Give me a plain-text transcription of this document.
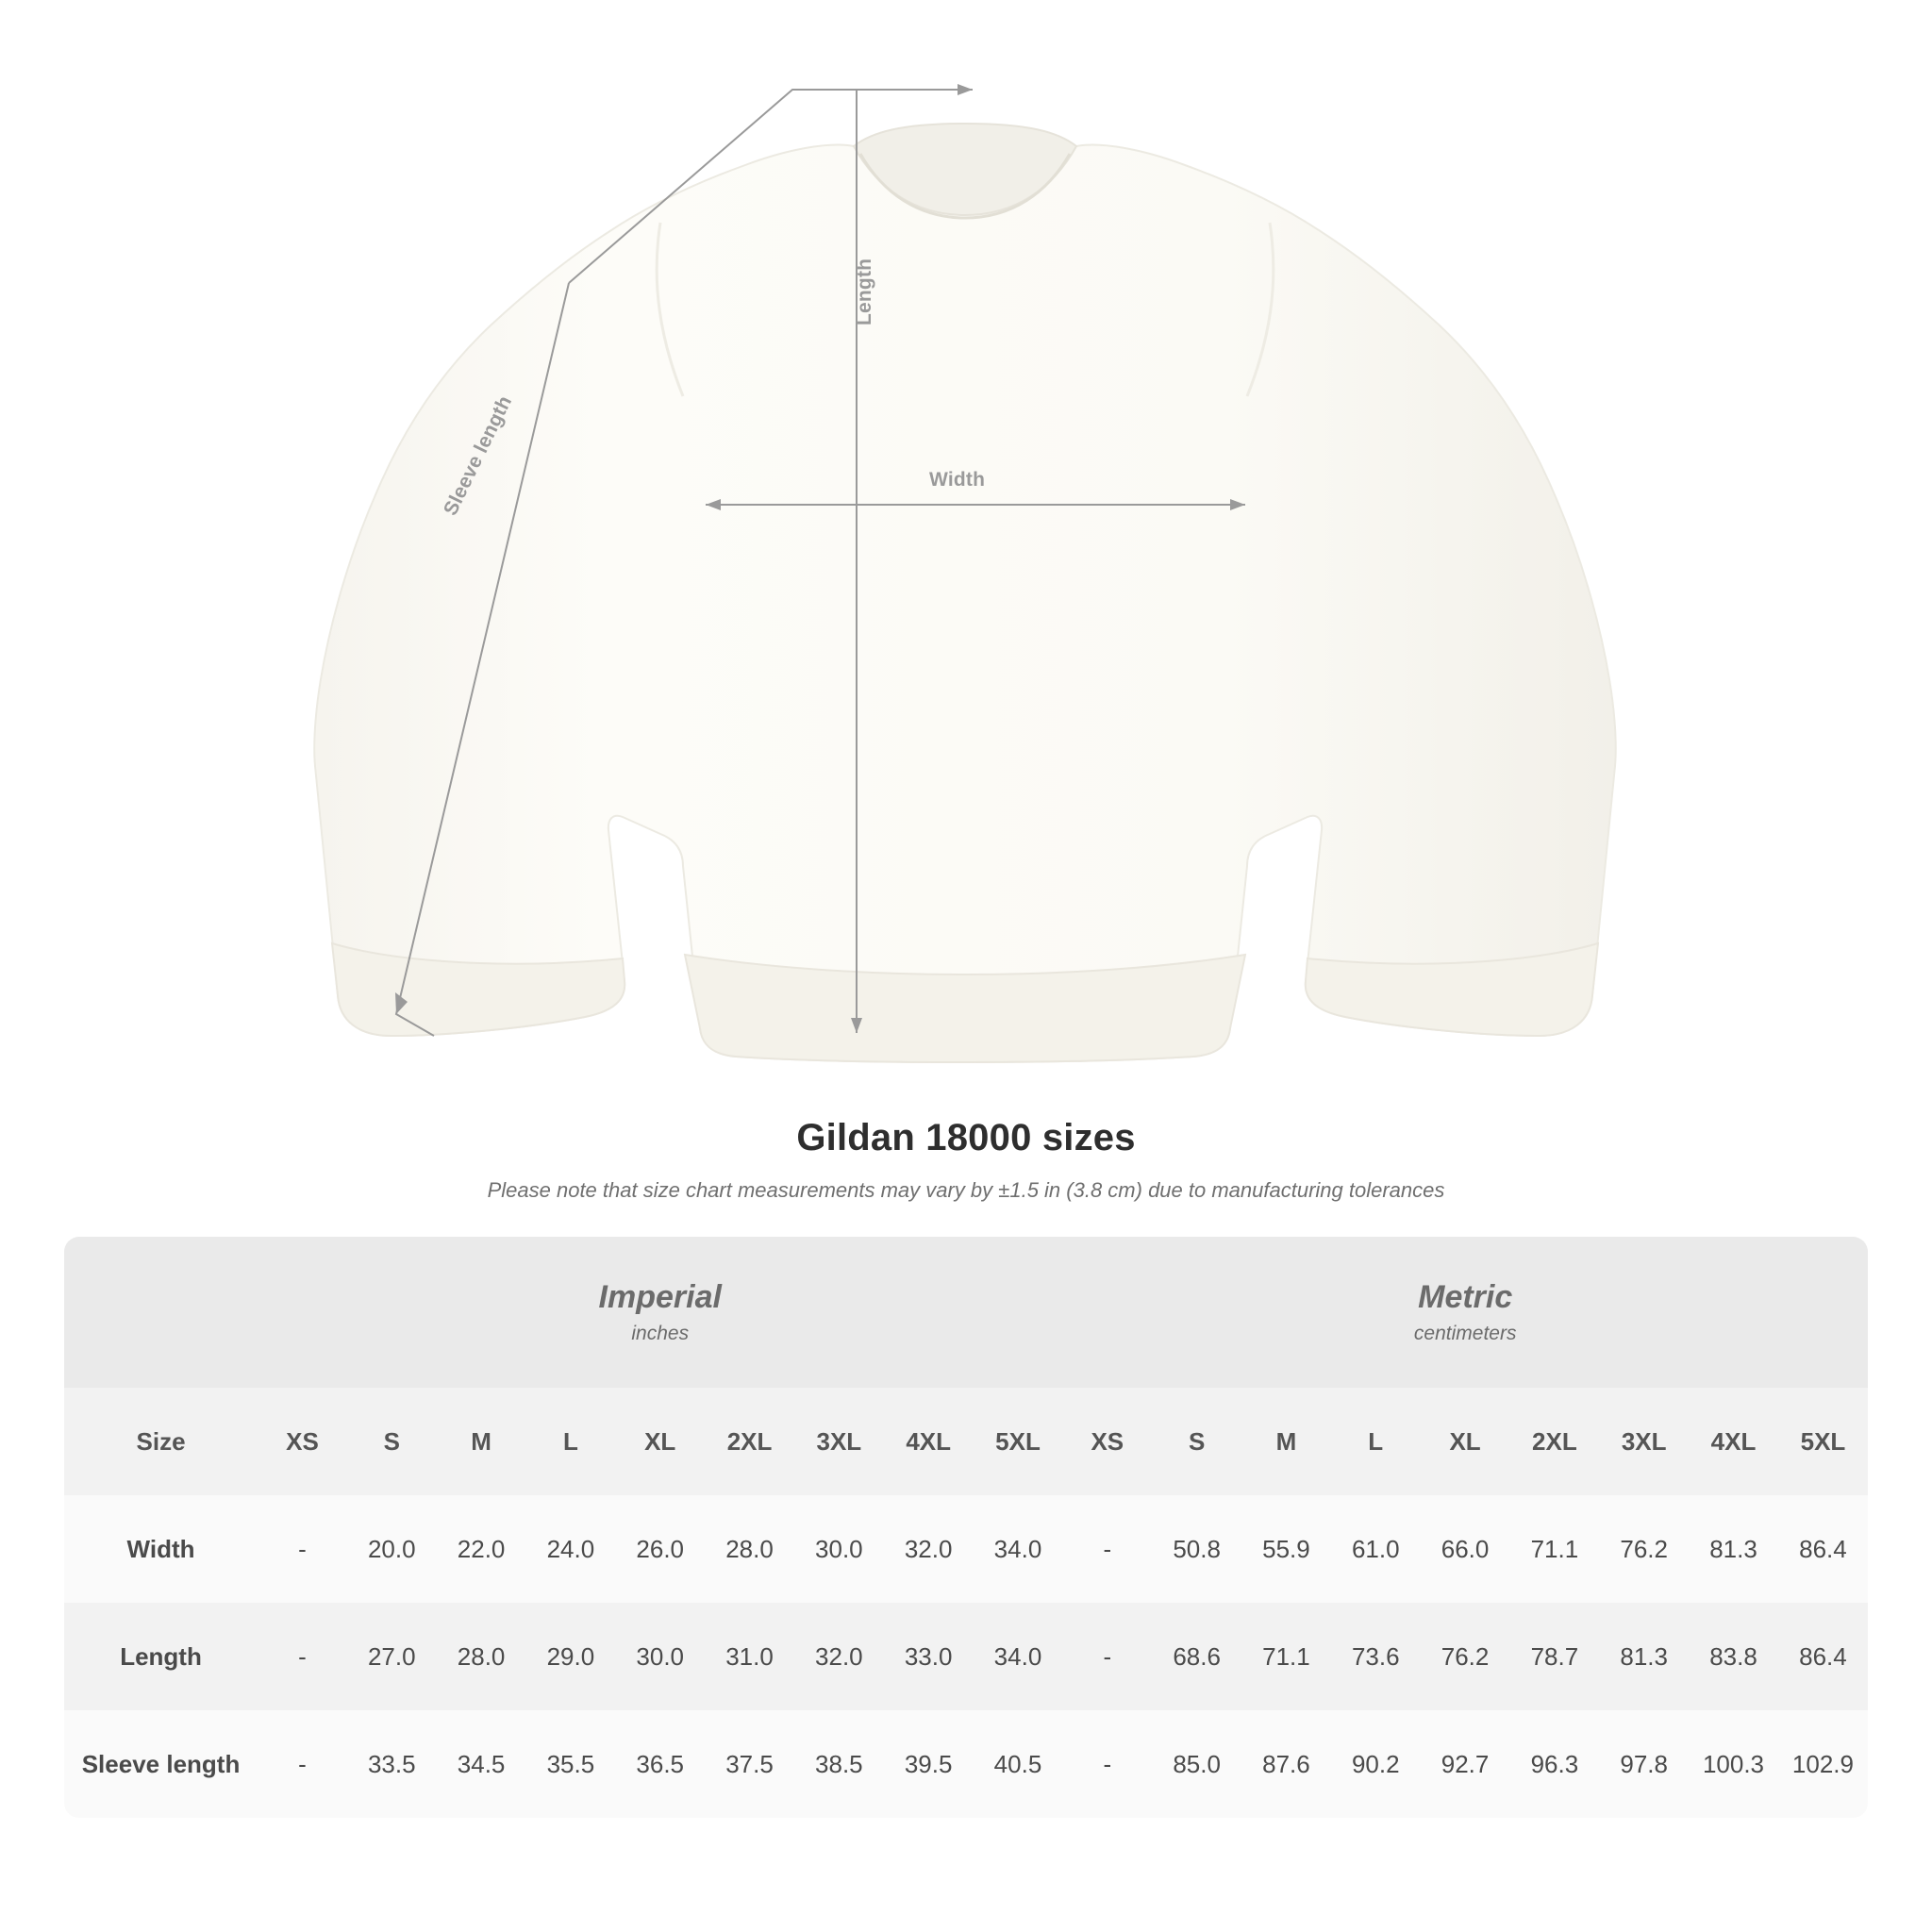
Width
Length
Sleeve length
Gildan 18000 sizes
Please note that size chart measurements may vary by ±1.5 in (3.8 cm) due to manufacturing tolerances

Imperial
inches

Metric
centimeters

Size	XS	S	M	L	XL	2XL	3XL	4XL	5XL	XS	S	M	L	XL	2XL	3XL	4XL	5XL
Width	-	20.0	22.0	24.0	26.0	28.0	30.0	32.0	34.0	-	50.8	55.9	61.0	66.0	71.1	76.2	81.3	86.4
Length	-	27.0	28.0	29.0	30.0	31.0	32.0	33.0	34.0	-	68.6	71.1	73.6	76.2	78.7	81.3	83.8	86.4
Sleeve length	-	33.5	34.5	35.5	36.5	37.5	38.5	39.5	40.5	-	85.0	87.6	90.2	92.7	96.3	97.8	100.3	102.9
